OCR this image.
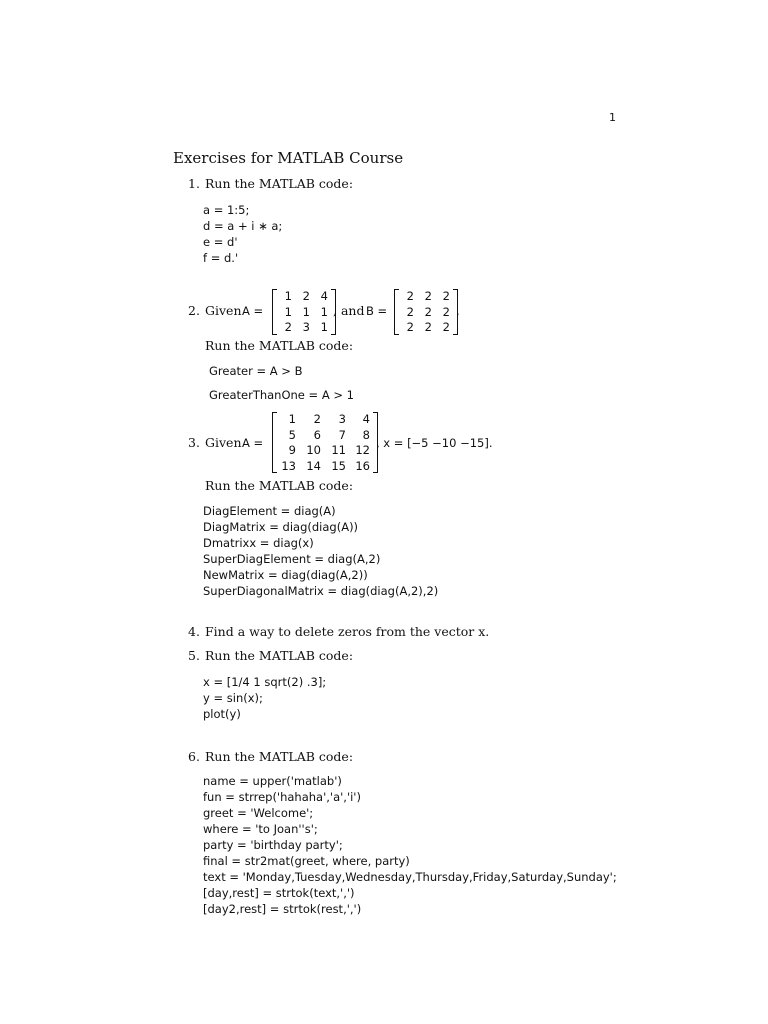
1
Exercises for MATLAB Course
1. Run the MATLAB code:
a = 1:5;
d = a + i ∗ a;
e = d'
f = d.'
2. Given A =
1 2 4
1 1 1
2 3 1
, and B =
2 2 2
2 2 2
2 2 2
.
Run the MATLAB code:
Greater = A > B
GreaterThanOne = A > 1
3. Given A =
1	2	3	4
5	6	7	8
9 10 11 12
13 14 15 16
, x = [−5 −10 −15].
Run the MATLAB code:
DiagElement = diag(A)
DiagMatrix = diag(diag(A))
Dmatrixx = diag(x)
SuperDiagElement = diag(A,2)
NewMatrix = diag(diag(A,2))
SuperDiagonalMatrix = diag(diag(A,2),2)
4. Find a way to delete zeros from the vector x.
5. Run the MATLAB code:
x = [1/4 1 sqrt(2) .3];
y = sin(x);
plot(y)
6. Run the MATLAB code:
name = upper('matlab')
fun = strrep('hahaha','a','i')
greet = 'Welcome';
where = 'to Joan''s';
party = 'birthday party';
final = str2mat(greet, where, party)
text = 'Monday,Tuesday,Wednesday,Thursday,Friday,Saturday,Sunday';
[day,rest] = strtok(text,',')
[day2,rest] = strtok(rest,',')
